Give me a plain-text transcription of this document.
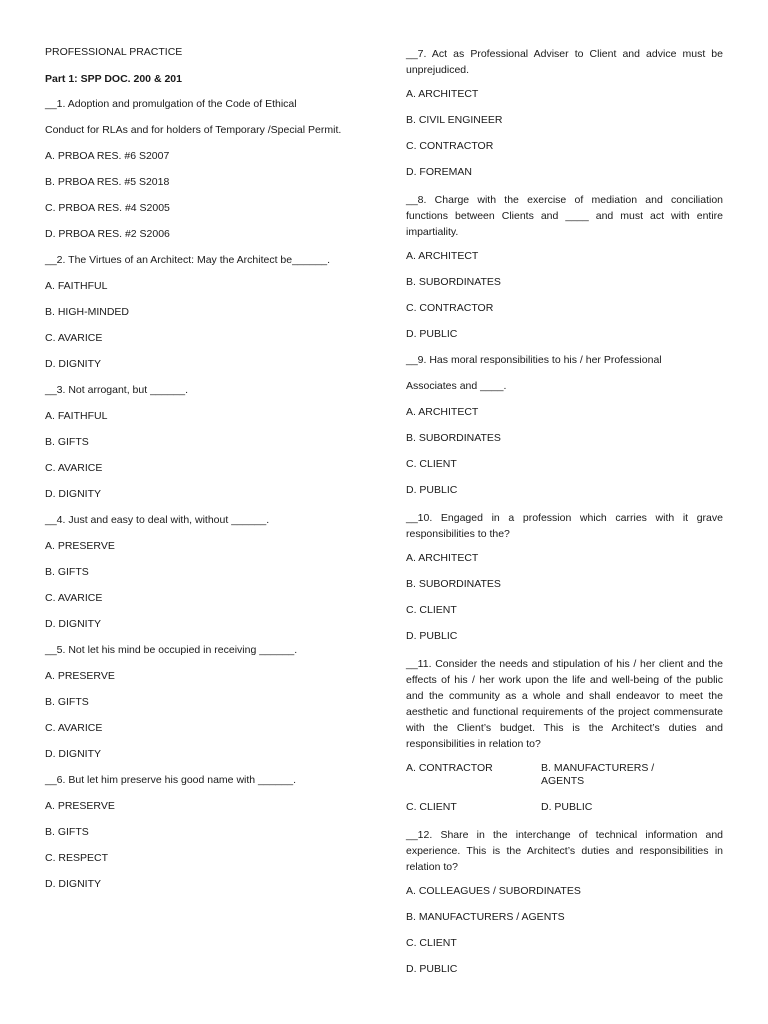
PROFESSIONAL PRACTICE
Part 1: SPP DOC. 200 & 201
__1. Adoption and promulgation of the Code of Ethical
Conduct for RLAs and for holders of Temporary /Special Permit.
A. PRBOA RES. #6 S2007
B. PRBOA RES. #5 S2018
C. PRBOA RES. #4 S2005
D. PRBOA RES. #2 S2006
__2. The Virtues of an Architect: May the Architect be______.
A. FAITHFUL
B. HIGH-MINDED
C. AVARICE
D. DIGNITY
__3. Not arrogant, but ______.
A. FAITHFUL
B. GIFTS
C. AVARICE
D. DIGNITY
__4. Just and easy to deal with, without ______.
A. PRESERVE
B. GIFTS
C. AVARICE
D. DIGNITY
__5. Not let his mind be occupied in receiving ______.
A. PRESERVE
B. GIFTS
C. AVARICE
D. DIGNITY
__6. But let him preserve his good name with ______.
A. PRESERVE
B. GIFTS
C. RESPECT
D. DIGNITY
__7. Act as Professional Adviser to Client and advice must be unprejudiced.
A. ARCHITECT
B. CIVIL ENGINEER
C. CONTRACTOR
D. FOREMAN
__8. Charge with the exercise of mediation and conciliation functions between Clients and ____ and must act with entire impartiality.
A. ARCHITECT
B. SUBORDINATES
C. CONTRACTOR
D. PUBLIC
__9. Has moral responsibilities to his / her Professional
Associates and ____.
A. ARCHITECT
B. SUBORDINATES
C. CLIENT
D. PUBLIC
__10. Engaged in a profession which carries with it grave responsibilities to the?
A. ARCHITECT
B. SUBORDINATES
C. CLIENT
D. PUBLIC
__11. Consider the needs and stipulation of his / her client and the effects of his / her work upon the life and well-being of the public and the community as a whole and shall endeavor to meet the aesthetic and functional requirements of the project commensurate with the Client’s budget. This is the Architect’s duties and responsibilities in relation to?
A. CONTRACTOR	B. MANUFACTURERS / AGENTS
C. CLIENT	D. PUBLIC
__12. Share in the interchange of technical information and experience. This is the Architect’s duties and responsibilities in relation to?
A. COLLEAGUES / SUBORDINATES
B. MANUFACTURERS / AGENTS
C. CLIENT
D. PUBLIC
